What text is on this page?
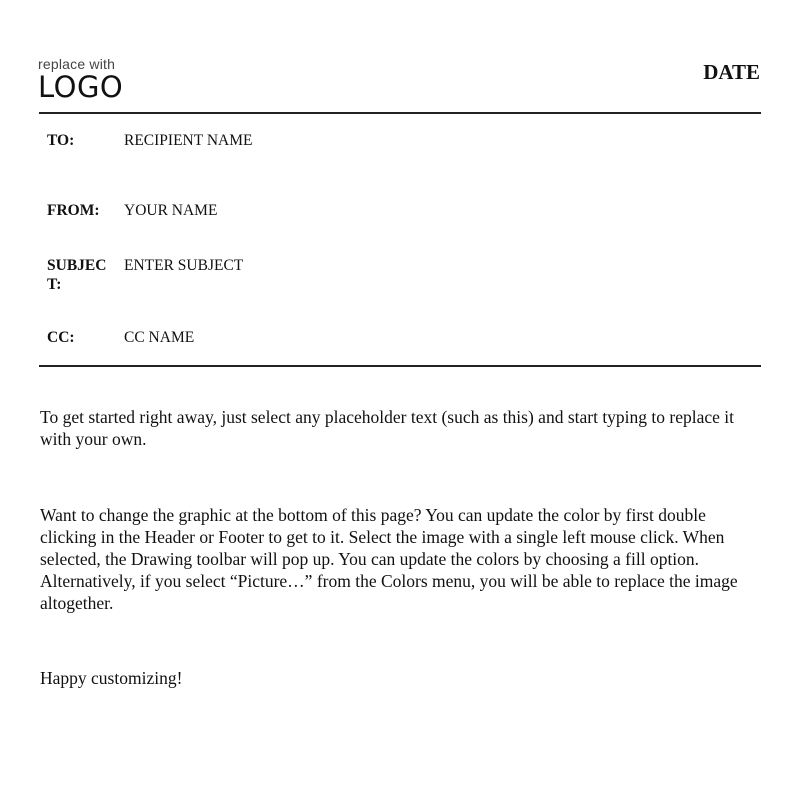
replace with
LOGO	DATE
TO:	RECIPIENT NAME
FROM:	YOUR NAME
SUBJECT:
ENTER SUBJECT
CC:	CC NAME
To get started right away, just select any placeholder text (such as this) and start typing to replace it with your own.
Want to change the graphic at the bottom of this page? You can update the color by first double clicking in the Header or Footer to get to it. Select the image with a single left mouse click. When selected, the Drawing toolbar will pop up. You can update the colors by choosing a fill option. Alternatively, if you select “Picture…” from the Colors menu, you will be able to replace the image altogether.
Happy customizing!
